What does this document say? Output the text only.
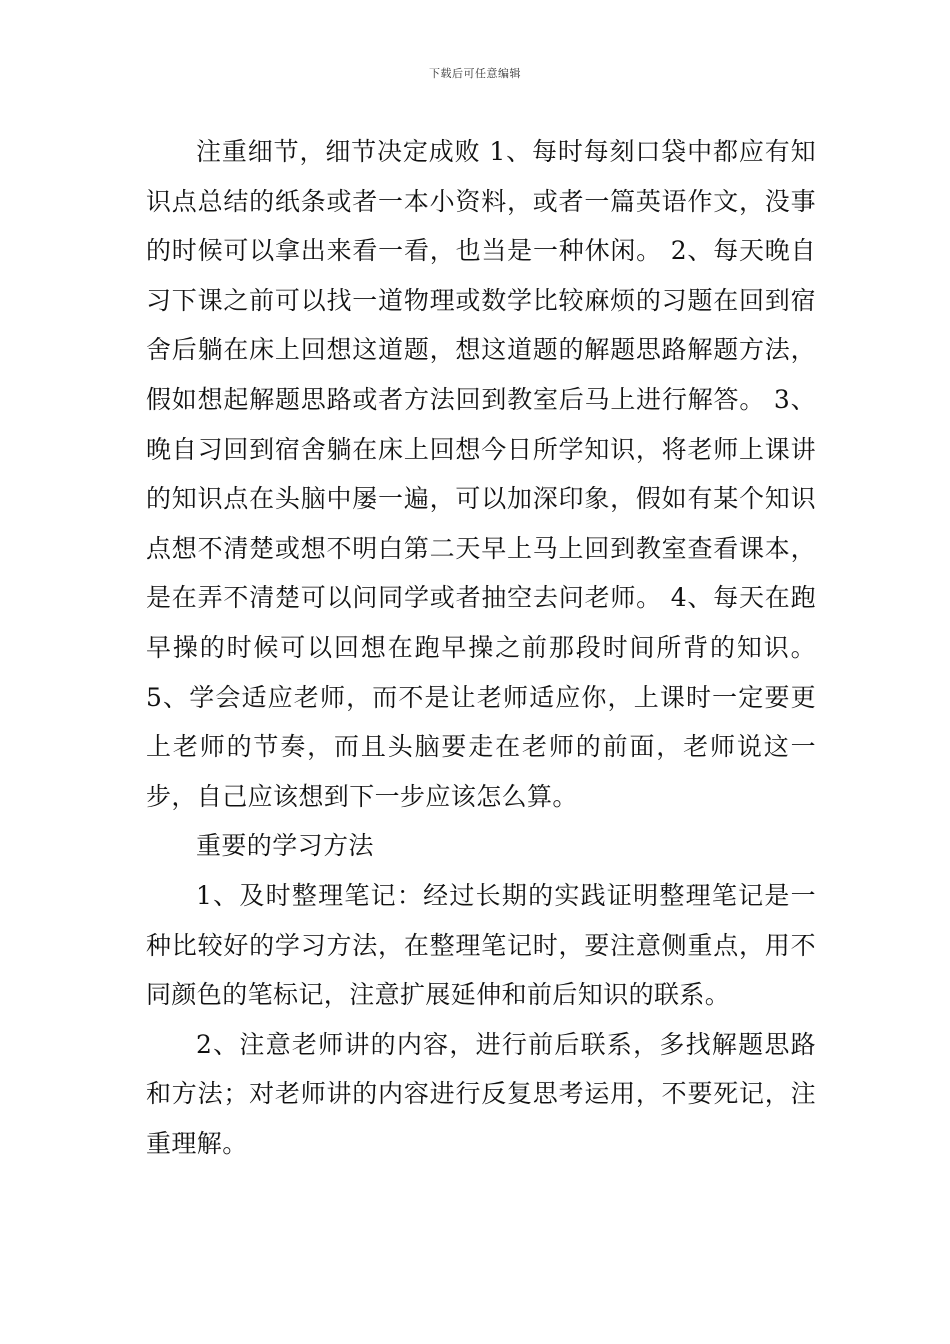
下载后可任意编辑

注重细节，细节决定成败 1、每时每刻口袋中都应有知识点总结的纸条或者一本小资料，或者一篇英语作文，没事的时候可以拿出来看一看，也当是一种休闲。 2、每天晚自习下课之前可以找一道物理或数学比较麻烦的习题在回到宿舍后躺在床上回想这道题，想这道题的解题思路解题方法，假如想起解题思路或者方法回到教室后马上进行解答。 3、晚自习回到宿舍躺在床上回想今日所学知识，将老师上课讲的知识点在头脑中屡一遍，可以加深印象，假如有某个知识点想不清楚或想不明白第二天早上马上回到教室查看课本，是在弄不清楚可以问同学或者抽空去问老师。 4、每天在跑早操的时候可以回想在跑早操之前那段时间所背的知识。 5、学会适应老师，而不是让老师适应你，上课时一定要更上老师的节奏，而且头脑要走在老师的前面，老师说这一步，自己应该想到下一步应该怎么算。

重要的学习方法

1、及时整理笔记：经过长期的实践证明整理笔记是一种比较好的学习方法，在整理笔记时，要注意侧重点，用不同颜色的笔标记，注意扩展延伸和前后知识的联系。

2、注意老师讲的内容，进行前后联系，多找解题思路和方法；对老师讲的内容进行反复思考运用，不要死记，注重理解。
